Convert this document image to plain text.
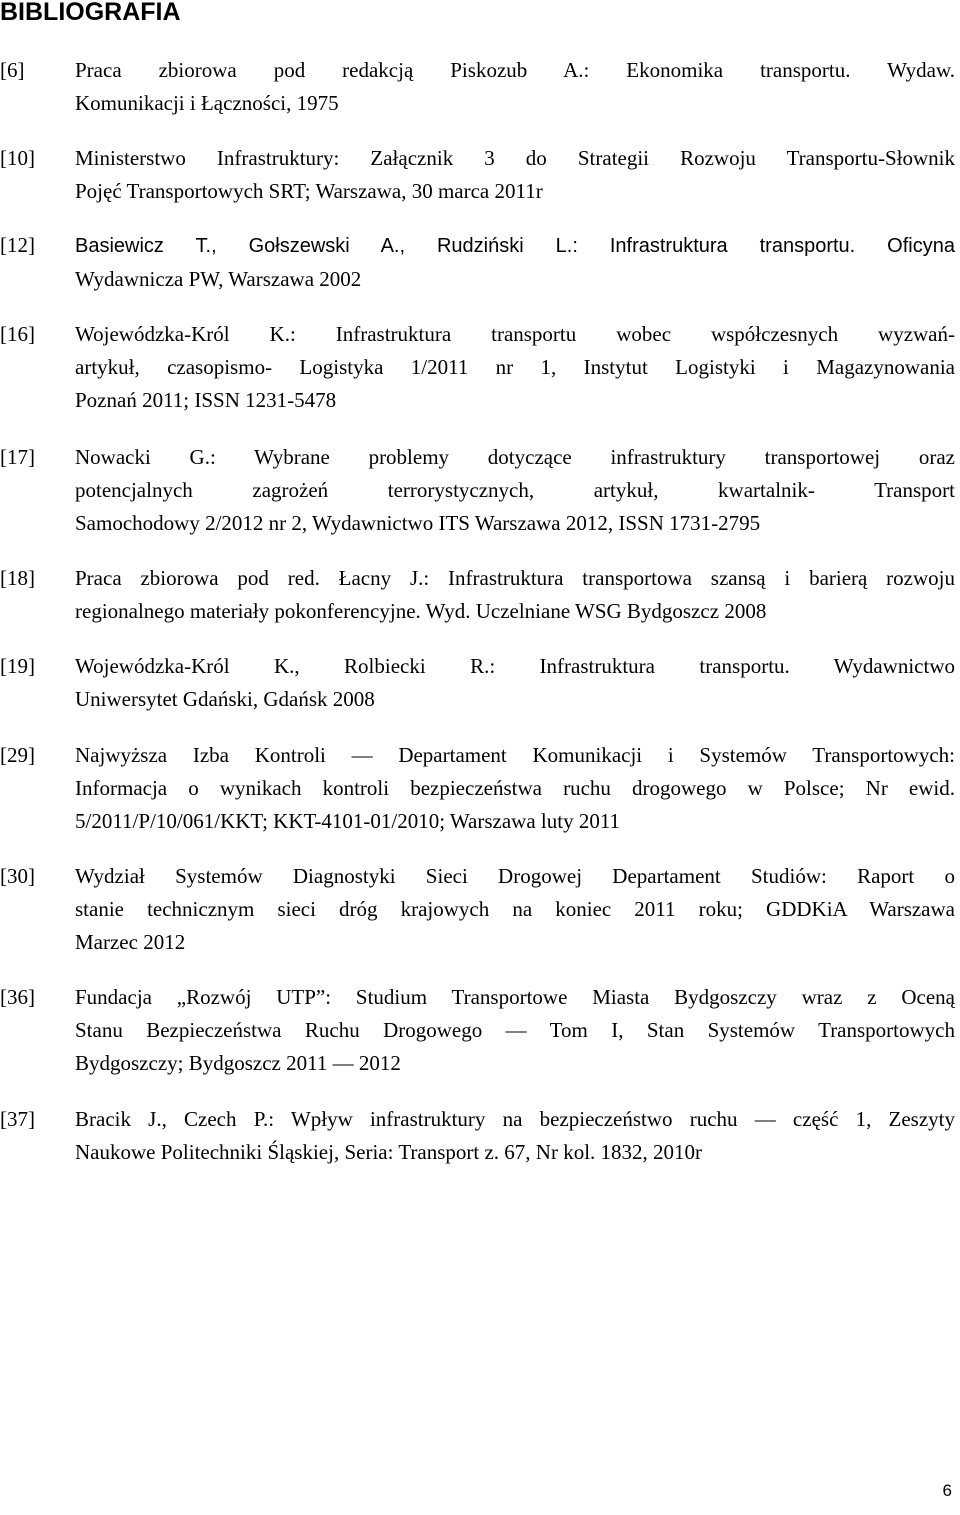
BIBLIOGRAFIA
[6] Praca zbiorowa pod redakcją Piskozub A.: Ekonomika transportu. Wydaw.
Komunikacji i Łączności, 1975
[10] Ministerstwo Infrastruktury: Załącznik 3 do Strategii Rozwoju Transportu-Słownik
Pojęć Transportowych SRT; Warszawa, 30 marca 2011r
[12] Basiewicz T., Gołszewski A., Rudziński L.: Infrastruktura transportu. Oficyna
Wydawnicza PW, Warszawa 2002
[16] Wojewódzka-Król K.: Infrastruktura transportu wobec współczesnych wyzwań-
artykuł, czasopismo- Logistyka 1/2011 nr 1, Instytut Logistyki i Magazynowania
Poznań 2011; ISSN 1231-5478
[17] Nowacki G.: Wybrane problemy dotyczące infrastruktury transportowej oraz
potencjalnych zagrożeń terrorystycznych, artykuł, kwartalnik- Transport
Samochodowy 2/2012 nr 2, Wydawnictwo ITS Warszawa 2012, ISSN 1731-2795
[18] Praca zbiorowa pod red. Łacny J.: Infrastruktura transportowa szansą i barierą rozwoju
regionalnego materiały pokonferencyjne. Wyd. Uczelniane WSG Bydgoszcz 2008
[19] Wojewódzka-Król K., Rolbiecki R.: Infrastruktura transportu. Wydawnictwo
Uniwersytet Gdański, Gdańsk 2008
[29] Najwyższa Izba Kontroli — Departament Komunikacji i Systemów Transportowych:
Informacja o wynikach kontroli bezpieczeństwa ruchu drogowego w Polsce; Nr ewid.
5/2011/P/10/061/KKT; KKT-4101-01/2010; Warszawa luty 2011
[30] Wydział Systemów Diagnostyki Sieci Drogowej Departament Studiów: Raport o
stanie technicznym sieci dróg krajowych na koniec 2011 roku; GDDKiA Warszawa
Marzec 2012
[36] Fundacja „Rozwój UTP”: Studium Transportowe Miasta Bydgoszczy wraz z Oceną
Stanu Bezpieczeństwa Ruchu Drogowego — Tom I, Stan Systemów Transportowych
Bydgoszczy; Bydgoszcz 2011 — 2012
[37] Bracik J., Czech P.: Wpływ infrastruktury na bezpieczeństwo ruchu — część 1, Zeszyty
Naukowe Politechniki Śląskiej, Seria: Transport z. 67, Nr kol. 1832, 2010r
6
